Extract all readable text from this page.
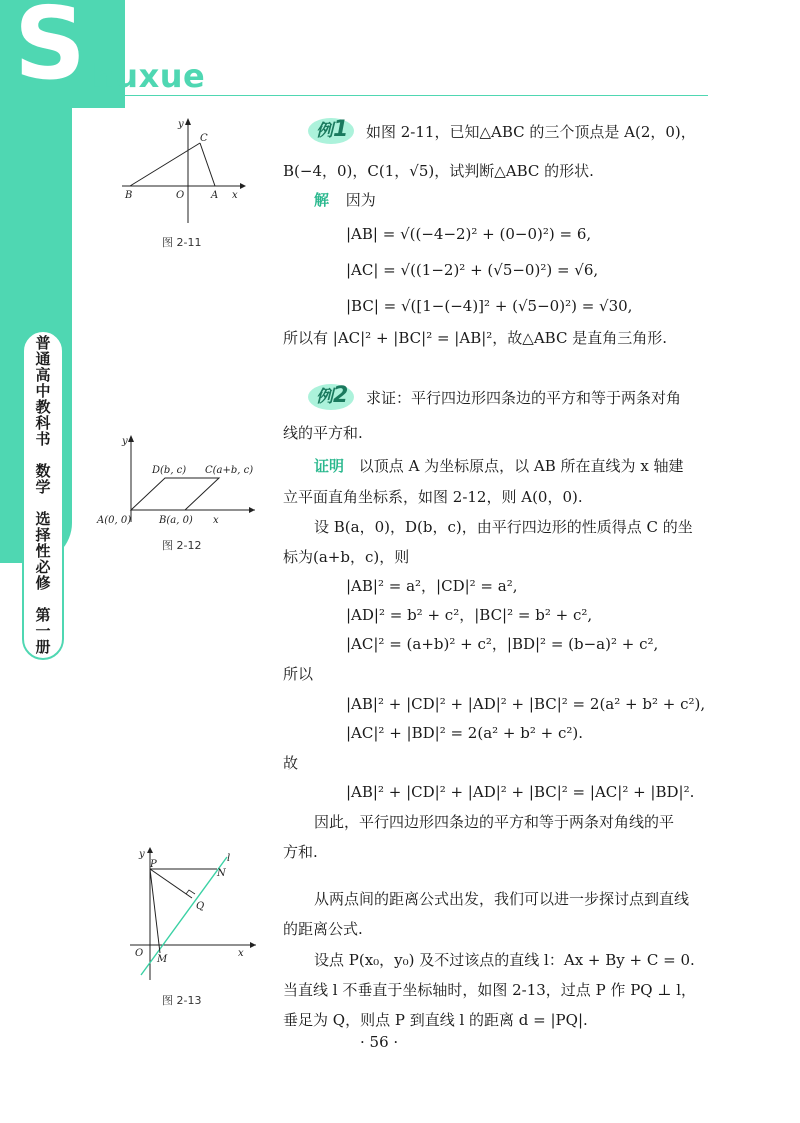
S huxue
普通高中教科书　数学　选择性必修　第一册
y
C
B	O	A x
图 2-11
y
D(b, c) C(a+b, c)
A(0, 0)	B(a, 0) x
图 2-12
y	l
P
N
Q
O
M
x
图 2-13
例1 如图 2-11，已知△ABC 的三个顶点是 A(2，0)，
B(−4，0)，C(1，√5)，试判断△ABC 的形状.
解 因为
|AB| = √((−4−2)² + (0−0)²) = 6,
|AC| = √((1−2)² + (√5−0)²) = √6,
|BC| = √([1−(−4)]² + (√5−0)²) = √30,
所以有 |AC|² + |BC|² = |AB|²，故△ABC 是直角三角形.
例2 求证：平行四边形四条边的平方和等于两条对角
线的平方和.
证明 以顶点 A 为坐标原点，以 AB 所在直线为 x 轴建
立平面直角坐标系，如图 2-12，则 A(0，0).
设 B(a，0)，D(b，c)，由平行四边形的性质得点 C 的坐
标为(a+b，c)，则
|AB|² = a²，|CD|² = a²,
|AD|² = b² + c²，|BC|² = b² + c²,
|AC|² = (a+b)² + c²，|BD|² = (b−a)² + c²,
所以
|AB|² + |CD|² + |AD|² + |BC|² = 2(a² + b² + c²),
|AC|² + |BD|² = 2(a² + b² + c²).
故
|AB|² + |CD|² + |AD|² + |BC|² = |AC|² + |BD|².
因此，平行四边形四条边的平方和等于两条对角线的平
方和.
从两点间的距离公式出发，我们可以进一步探讨点到直线
的距离公式.
设点 P(x₀，y₀) 及不过该点的直线 l：Ax + By + C = 0.
当直线 l 不垂直于坐标轴时，如图 2-13，过点 P 作 PQ ⊥ l，
垂足为 Q，则点 P 到直线 l 的距离 d = |PQ|.
· 56 ·
